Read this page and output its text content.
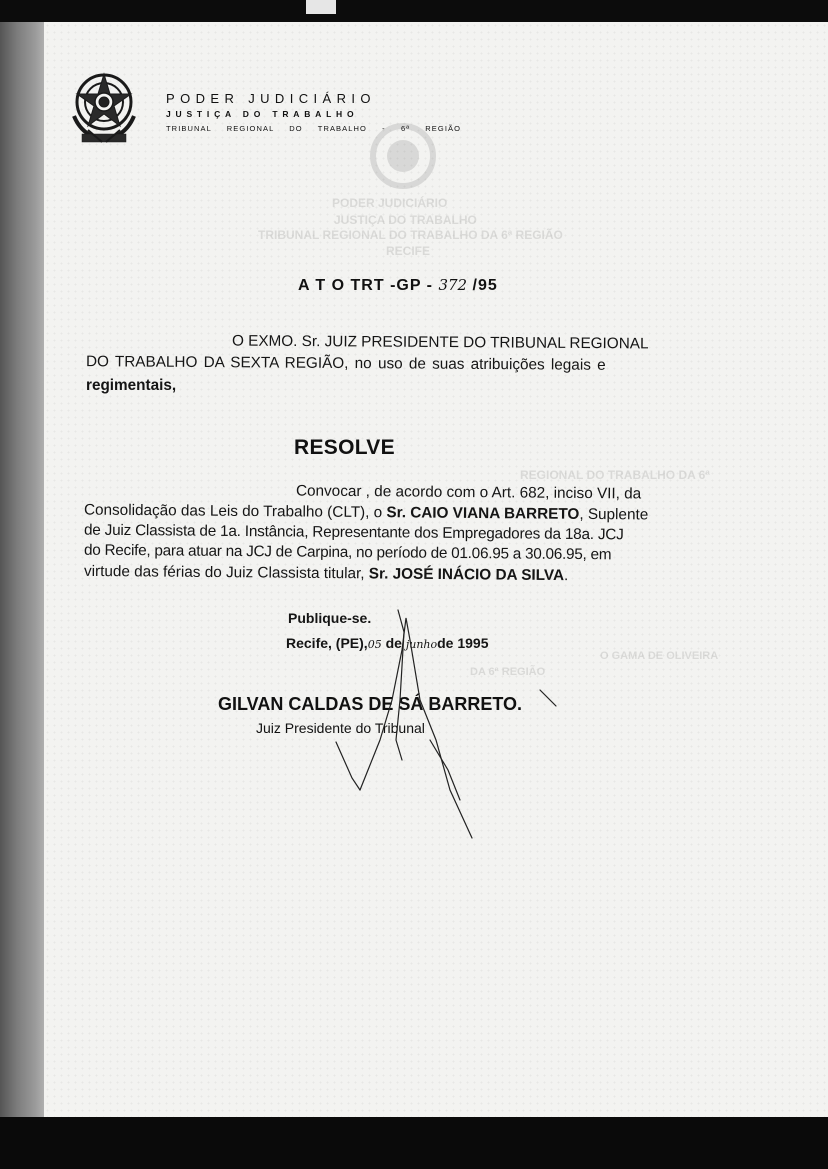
PODER JUDICIÁRIO
JUSTIÇA DO TRABALHO
TRIBUNAL REGIONAL DO TRABALHO DA 6ª REGIÃO
RECIFE
REGIONAL DO TRABALHO DA 6ª
O GAMA DE OLIVEIRA
DA 6ª REGIÃO
PODER JUDICIÁRIO
JUSTIÇA DO TRABALHO
TRIBUNAL REGIONAL DO TRABALHO - 6ª REGIÃO
A T O TRT -GP - 372 /95
O EXMO. Sr. JUIZ PRESIDENTE DO TRIBUNAL REGIONAL
DO TRABALHO DA SEXTA REGIÃO, no uso de suas atribuições legais e
regimentais,
RESOLVE
Convocar , de acordo com o Art. 682, inciso VII, da
Consolidação das Leis do Trabalho (CLT), o Sr. CAIO VIANA BARRETO, Suplente
de Juiz Classista de 1a. Instância, Representante dos Empregadores da 18a. JCJ
do Recife, para atuar na JCJ de Carpina, no período de 01.06.95 a 30.06.95, em
virtude das férias do Juiz Classista titular, Sr. JOSÉ INÁCIO DA SILVA.
Publique-se.
Recife, (PE),05 de junhode 1995
GILVAN CALDAS DE SÁ BARRETO.
Juiz Presidente do Tribunal
